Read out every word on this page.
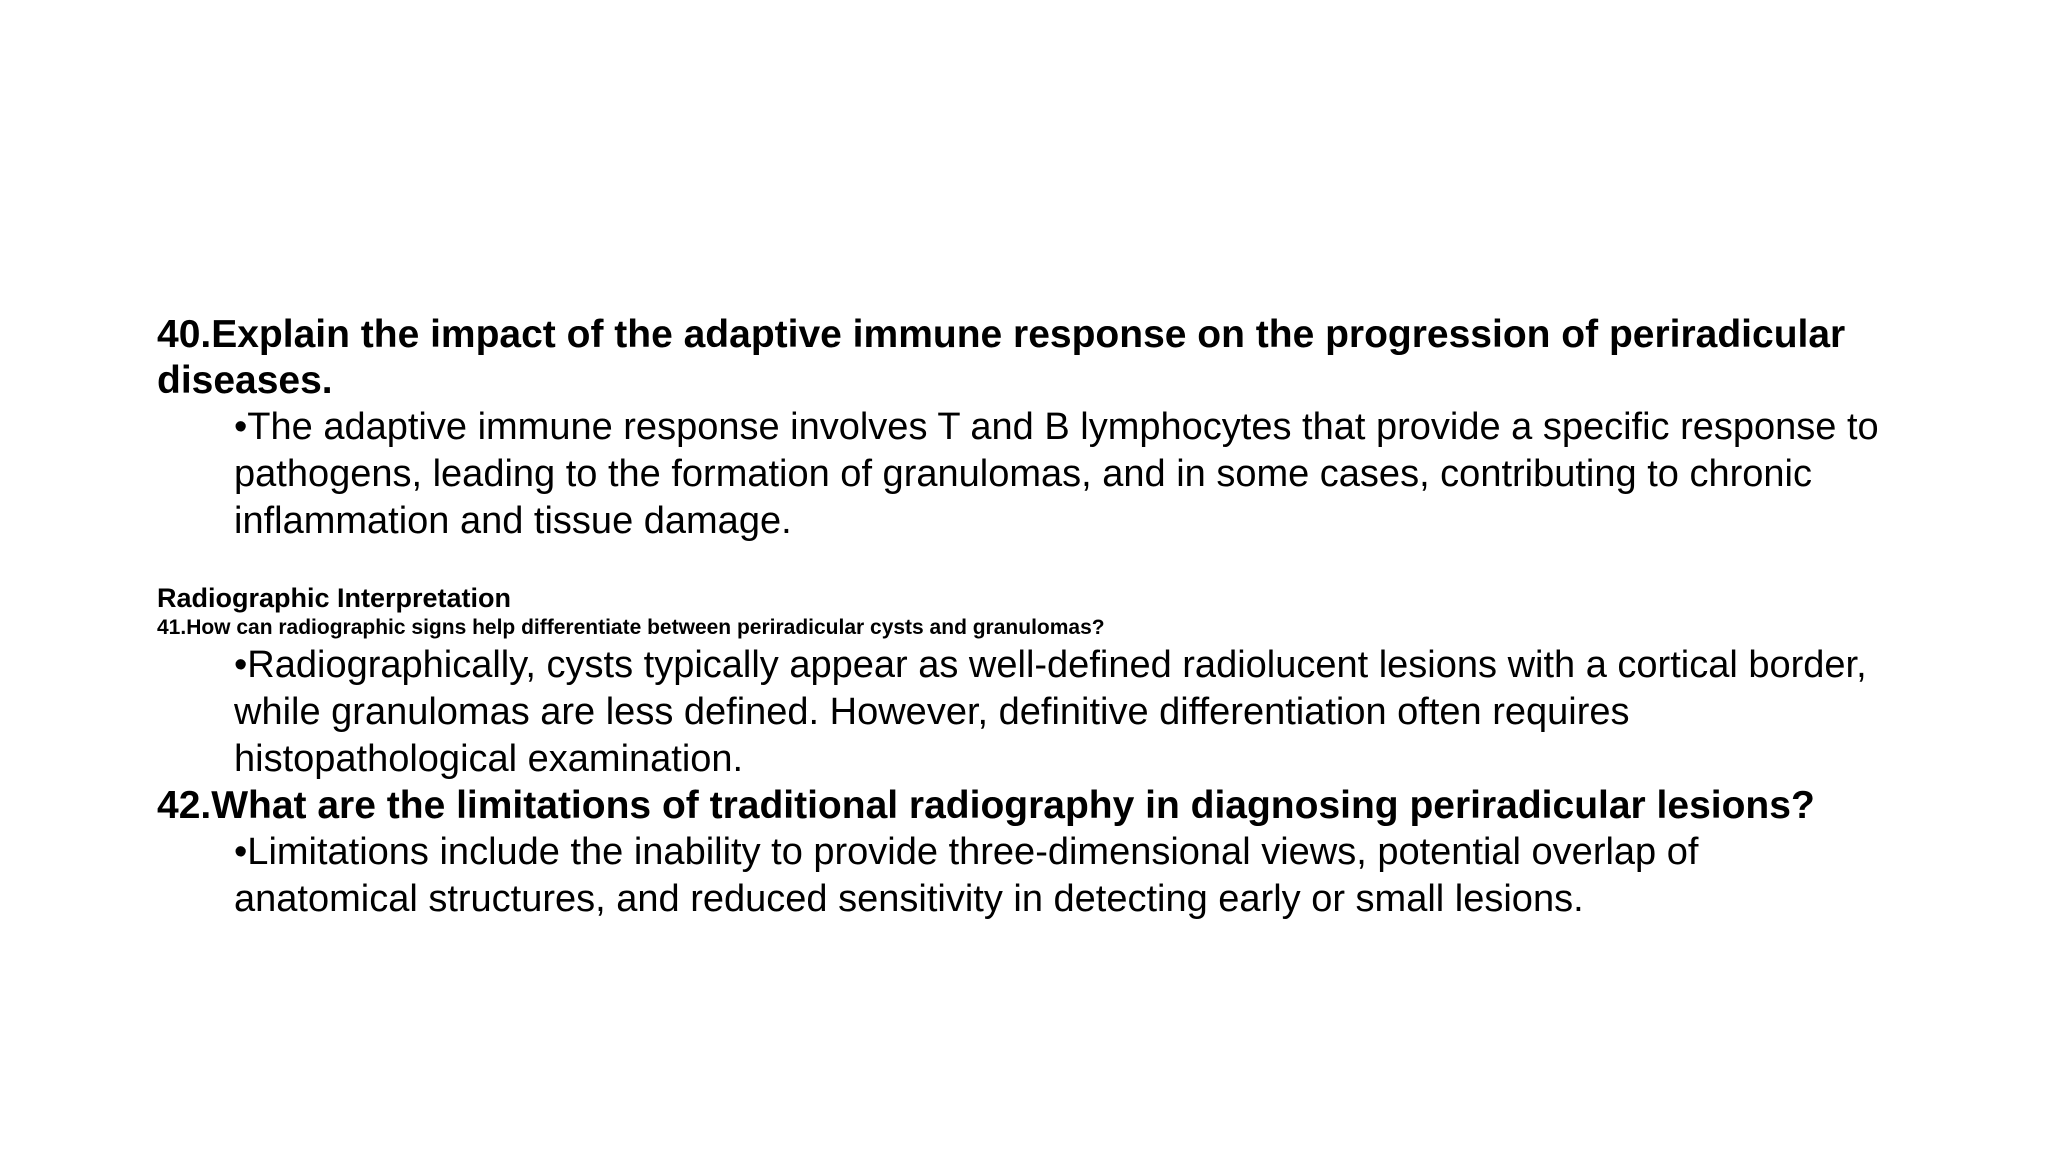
40.Explain the impact of the adaptive immune response on the progression of periradicular diseases.

•The adaptive immune response involves T and B lymphocytes that provide a specific response to pathogens, leading to the formation of granulomas, and in some cases, contributing to chronic inflammation and tissue damage.

Radiographic Interpretation

41.How can radiographic signs help differentiate between periradicular cysts and granulomas?

•Radiographically, cysts typically appear as well-defined radiolucent lesions with a cortical border, while granulomas are less defined. However, definitive differentiation often requires histopathological examination.

42.What are the limitations of traditional radiography in diagnosing periradicular lesions?

•Limitations include the inability to provide three-dimensional views, potential overlap of anatomical structures, and reduced sensitivity in detecting early or small lesions.
